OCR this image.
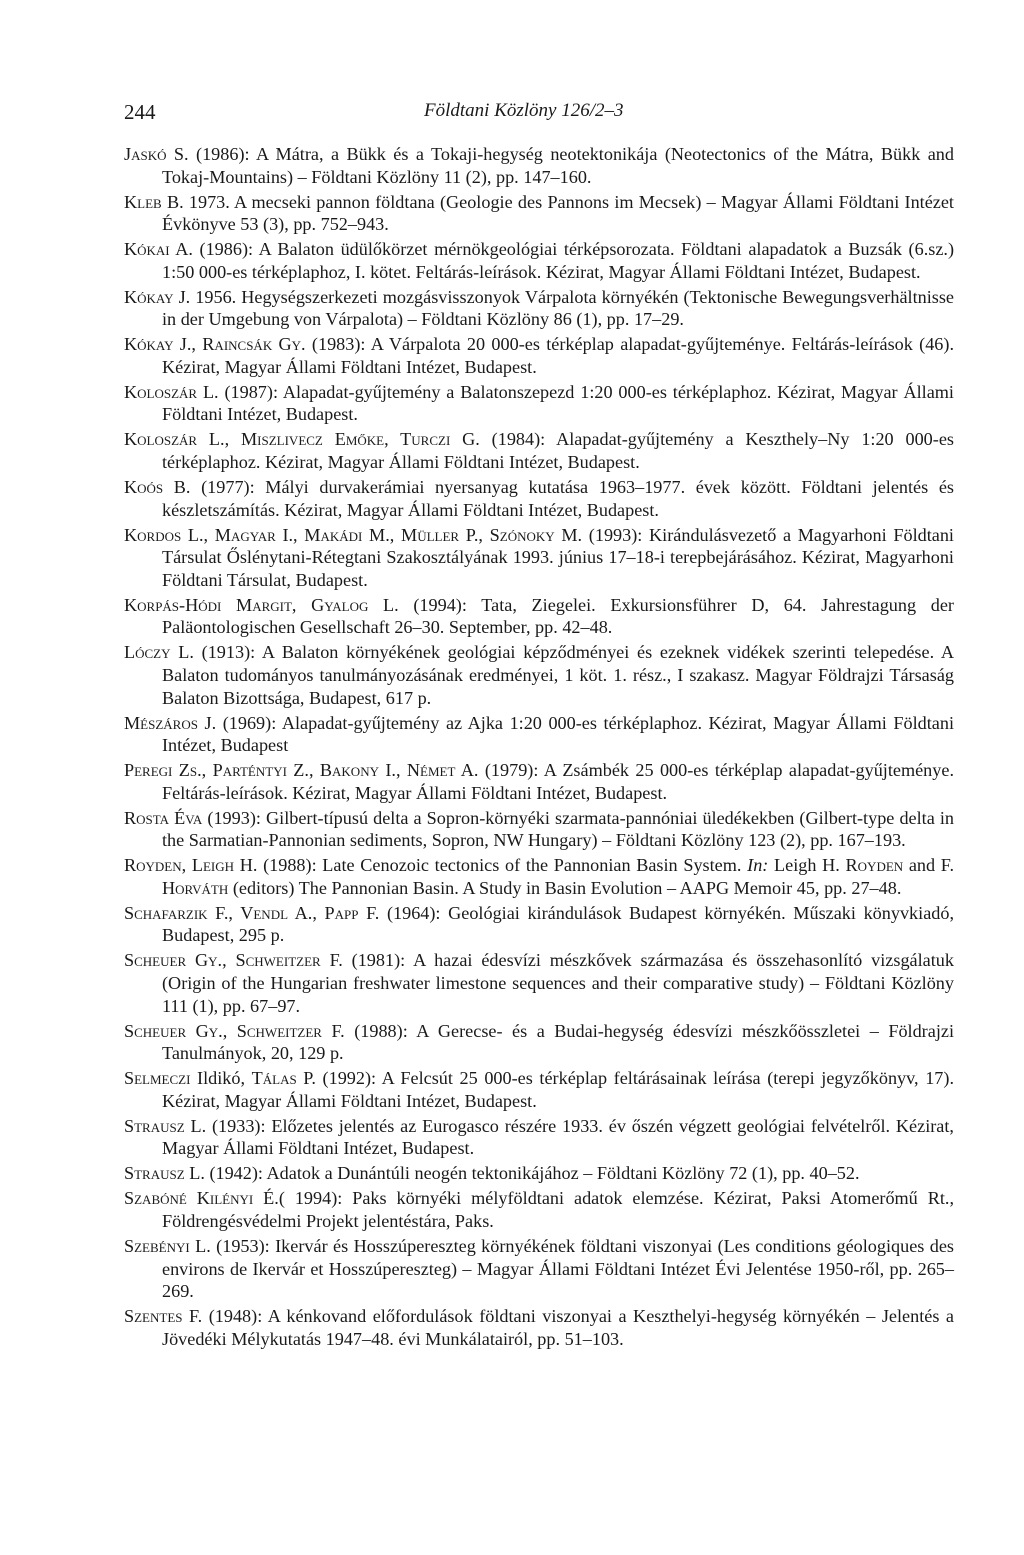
244	Földtani Közlöny 126/2–3
Jaskó S. (1986): A Mátra, a Bükk és a Tokaji-hegység neotektonikája (Neotectonics of the Mátra, Bükk and Tokaj-Mountains) – Földtani Közlöny 11 (2), pp. 147–160.
Kleb B. 1973. A mecseki pannon földtana (Geologie des Pannons im Mecsek) – Magyar Állami Földtani Intézet Évkönyve 53 (3), pp. 752–943.
Kókai A. (1986): A Balaton üdülőkörzet mérnökgeológiai térképsorozata. Földtani alapadatok a Buzsák (6.sz.) 1:50 000-es térképlaphoz, I. kötet. Feltárás-leírások. Kézirat, Magyar Állami Földtani Intézet, Budapest.
Kókay J. 1956. Hegységszerkezeti mozgásvisszonyok Várpalota környékén (Tektonische Bewegungsverhältnisse in der Umgebung von Várpalota) – Földtani Közlöny 86 (1), pp. 17–29.
Kókay J., Raincsák Gy. (1983): A Várpalota 20 000-es térképlap alapadat-gyűjteménye. Feltárás-leírások (46). Kézirat, Magyar Állami Földtani Intézet, Budapest.
Koloszár L. (1987): Alapadat-gyűjtemény a Balatonszepezd 1:20 000-es térképlaphoz. Kézirat, Magyar Állami Földtani Intézet, Budapest.
Koloszár L., Miszlivecz Emőke, Turczi G. (1984): Alapadat-gyűjtemény a Keszthely–Ny 1:20 000-es térképlaphoz. Kézirat, Magyar Állami Földtani Intézet, Budapest.
Koós B. (1977): Mályi durvakerámiai nyersanyag kutatása 1963–1977. évek között. Földtani jelentés és készletszámítás. Kézirat, Magyar Állami Földtani Intézet, Budapest.
Kordos L., Magyar I., Makádi M., Müller P., Szónoky M. (1993): Kirándulásvezető a Magyarhoni Földtani Társulat Őslénytani-Rétegtani Szakosztályának 1993. június 17–18-i terepbejárásához. Kézirat, Magyarhoni Földtani Társulat, Budapest.
Korpás-Hódi Margit, Gyalog L. (1994): Tata, Ziegelei. Exkursionsführer D, 64. Jahrestagung der Paläontologischen Gesellschaft 26–30. September, pp. 42–48.
Lóczy L. (1913): A Balaton környékének geológiai képződményei és ezeknek vidékek szerinti telepedése. A Balaton tudományos tanulmányozásának eredményei, 1 köt. 1. rész., I szakasz. Magyar Földrajzi Társaság Balaton Bizottsága, Budapest, 617 p.
Mészáros J. (1969): Alapadat-gyűjtemény az Ajka 1:20 000-es térképlaphoz. Kézirat, Magyar Állami Földtani Intézet, Budapest
Peregi Zs., Parténtyi Z., Bakony I., Német A. (1979): A Zsámbék 25 000-es térképlap alapadat-gyűjteménye. Feltárás-leírások. Kézirat, Magyar Állami Földtani Intézet, Budapest.
Rosta Éva (1993): Gilbert-típusú delta a Sopron-környéki szarmata-pannóniai üledékekben (Gilbert-type delta in the Sarmatian-Pannonian sediments, Sopron, NW Hungary) – Földtani Közlöny 123 (2), pp. 167–193.
Royden, Leigh H. (1988): Late Cenozoic tectonics of the Pannonian Basin System. In: Leigh H. Royden and F. Horváth (editors) The Pannonian Basin. A Study in Basin Evolution – AAPG Memoir 45, pp. 27–48.
Schafarzik F., Vendl A., Papp F. (1964): Geológiai kirándulások Budapest környékén. Műszaki könyvkiadó, Budapest, 295 p.
Scheuer Gy., Schweitzer F. (1981): A hazai édesvízi mészkővek származása és összehasonlító vizsgálatuk (Origin of the Hungarian freshwater limestone sequences and their comparative study) – Földtani Közlöny 111 (1), pp. 67–97.
Scheuer Gy., Schweitzer F. (1988): A Gerecse- és a Budai-hegység édesvízi mészkőösszletei – Földrajzi Tanulmányok, 20, 129 p.
Selmeczi Ildikó, Tálas P. (1992): A Felcsút 25 000-es térképlap feltárásainak leírása (terepi jegyzőkönyv, 17). Kézirat, Magyar Állami Földtani Intézet, Budapest.
Strausz L. (1933): Előzetes jelentés az Eurogasco részére 1933. év őszén végzett geológiai felvételről. Kézirat, Magyar Állami Földtani Intézet, Budapest.
Strausz L. (1942): Adatok a Dunántúli neogén tektonikájához – Földtani Közlöny 72 (1), pp. 40–52.
Szabóné Kilényi É.( 1994): Paks környéki mélyföldtani adatok elemzése. Kézirat, Paksi Atomerőmű Rt., Földrengésvédelmi Projekt jelentéstára, Paks.
Szebényi L. (1953): Ikervár és Hosszúpereszteg környékének földtani viszonyai (Les conditions géologiques des environs de Ikervár et Hosszúpereszteg) – Magyar Állami Földtani Intézet Évi Jelentése 1950-ről, pp. 265–269.
Szentes F. (1948): A kénkovand előfordulások földtani viszonyai a Keszthelyi-hegység környékén – Jelentés a Jövedéki Mélykutatás 1947–48. évi Munkálatairól, pp. 51–103.
